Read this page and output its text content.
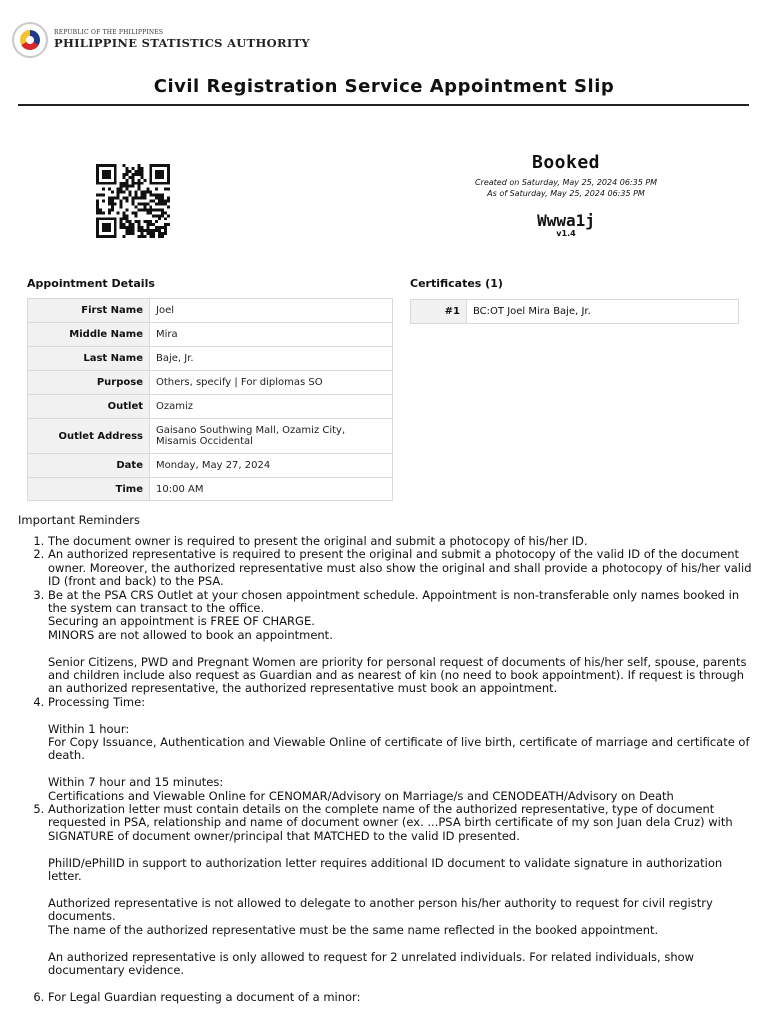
REPUBLIC OF THE PHILIPPINES
PHILIPPINE STATISTICS AUTHORITY
Civil Registration Service Appointment Slip
Booked
Created on Saturday, May 25, 2024 06:35 PM
As of Saturday, May 25, 2024 06:35 PM
Wwwa1j
v1.4
Appointment Details	Certificates (1)
First Name	Joel
Middle Name	Mira
Last Name	Baje, Jr.
Purpose	Others, specify | For diplomas SO
Outlet	Ozamiz
Outlet Address	Gaisano Southwing Mall, Ozamiz City, Misamis Occidental
Date	Monday, May 27, 2024
Time	10:00 AM
#1	BC:OT Joel Mira Baje, Jr.
Important Reminders
1. The document owner is required to present the original and submit a photocopy of his/her ID.
2. An authorized representative is required to present the original and submit a photocopy of the valid ID of the document owner. Moreover, the authorized representative must also show the original and shall provide a photocopy of his/her valid ID (front and back) to the PSA.
3. Be at the PSA CRS Outlet at your chosen appointment schedule. Appointment is non-transferable only names booked in the system can transact to the office.
Securing an appointment is FREE OF CHARGE.
MINORS are not allowed to book an appointment.
Senior Citizens, PWD and Pregnant Women are priority for personal request of documents of his/her self, spouse, parents and children include also request as Guardian and as nearest of kin (no need to book appointment). If request is through an authorized representative, the authorized representative must book an appointment.
4. Processing Time:
Within 1 hour:
For Copy Issuance, Authentication and Viewable Online of certificate of live birth, certificate of marriage and certificate of death.
Within 7 hour and 15 minutes:
Certifications and Viewable Online for CENOMAR/Advisory on Marriage/s and CENODEATH/Advisory on Death
5. Authorization letter must contain details on the complete name of the authorized representative, type of document requested in PSA, relationship and name of document owner (ex. ...PSA birth certificate of my son Juan dela Cruz) with SIGNATURE of document owner/principal that MATCHED to the valid ID presented.
PhilID/ePhilID in support to authorization letter requires additional ID document to validate signature in authorization letter.
Authorized representative is not allowed to delegate to another person his/her authority to request for civil registry documents.
The name of the authorized representative must be the same name reflected in the booked appointment.
An authorized representative is only allowed to request for 2 unrelated individuals. For related individuals, show documentary evidence.
6. For Legal Guardian requesting a document of a minor:
